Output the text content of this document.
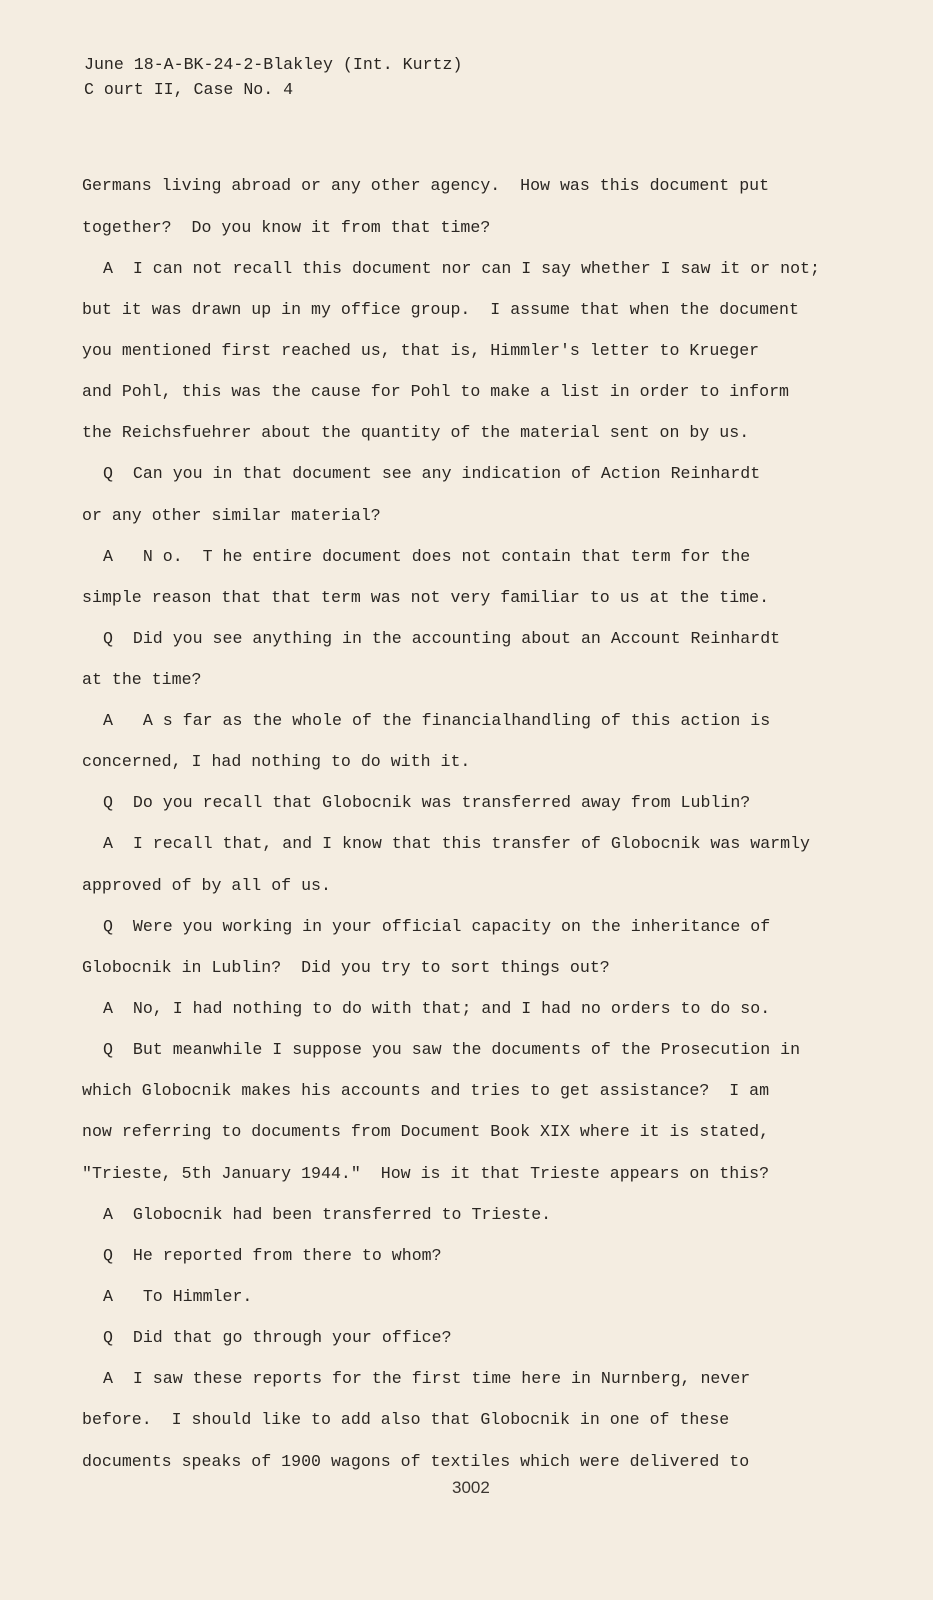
June 18-A-BK-24-2-Blakley (Int. Kurtz)
C ourt II, Case No. 4
Germans living abroad or any other agency.  How was this document put
together?  Do you know it from that time?
A  I can not recall this document nor can I say whether I saw it or not;
but it was drawn up in my office group.  I assume that when the document
you mentioned first reached us, that is, Himmler's letter to Krueger
and Pohl, this was the cause for Pohl to make a list in order to inform
the Reichsfuehrer about the quantity of the material sent on by us.
Q  Can you in that document see any indication of Action Reinhardt
or any other similar material?
A   N o.  T he entire document does not contain that term for the
simple reason that that term was not very familiar to us at the time.
Q  Did you see anything in the accounting about an Account Reinhardt
at the time?
A   A s far as the whole of the financialhandling of this action is
concerned, I had nothing to do with it.
Q  Do you recall that Globocnik was transferred away from Lublin?
A  I recall that, and I know that this transfer of Globocnik was warmly
approved of by all of us.
Q  Were you working in your official capacity on the inheritance of
Globocnik in Lublin?  Did you try to sort things out?
A  No, I had nothing to do with that; and I had no orders to do so.
Q  But meanwhile I suppose you saw the documents of the Prosecution in
which Globocnik makes his accounts and tries to get assistance?  I am
now referring to documents from Document Book XIX where it is stated,
"Trieste, 5th January 1944."  How is it that Trieste appears on this?
A  Globocnik had been transferred to Trieste.
Q  He reported from there to whom?
A   To Himmler.
Q  Did that go through your office?
A  I saw these reports for the first time here in Nurnberg, never
before.  I should like to add also that Globocnik in one of these
documents speaks of 1900 wagons of textiles which were delivered to
3002
